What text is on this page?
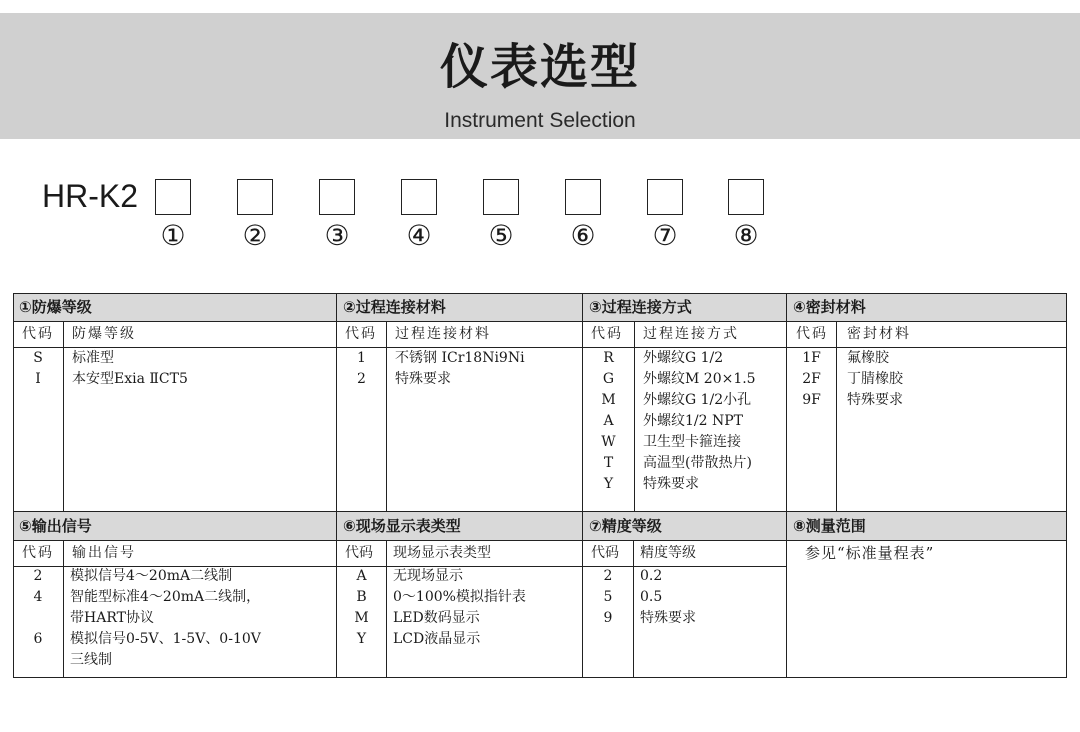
仪表选型
Instrument Selection
HR-K2
① ② ③ ④ ⑤ ⑥ ⑦ ⑧
①防爆等级
代码 防爆等级
S	标准型
I	本安型Exia ⅡCT5
②过程连接材料
代码 过程连接材料
1	不锈钢 ICr18Ni9Ni
2	特殊要求
③过程连接方式
代码 过程连接方式
R	外螺纹G 1/2
G	外螺纹M 20×1.5
M	外螺纹G 1/2小孔
A	外螺纹1/2 NPT
W	卫生型卡箍连接
T	高温型(带散热片)
Y	特殊要求
④密封材料
代码 密封材料
1F	氟橡胶
2F	丁腈橡胶
9F	特殊要求
⑤输出信号
代码 输出信号
2	模拟信号4～20mA二线制
4	智能型标准4～20mA二线制，
带HART协议
6	模拟信号0-5V、1-5V、0-10V
三线制
⑥现场显示表类型
代码 现场显示表类型
A	无现场显示
B	0～100%模拟指针表
M	LED数码显示
Y	LCD液晶显示
⑦精度等级
代码 精度等级
2	0.2
5	0.5
9	特殊要求
⑧测量范围
参见“标准量程表”
